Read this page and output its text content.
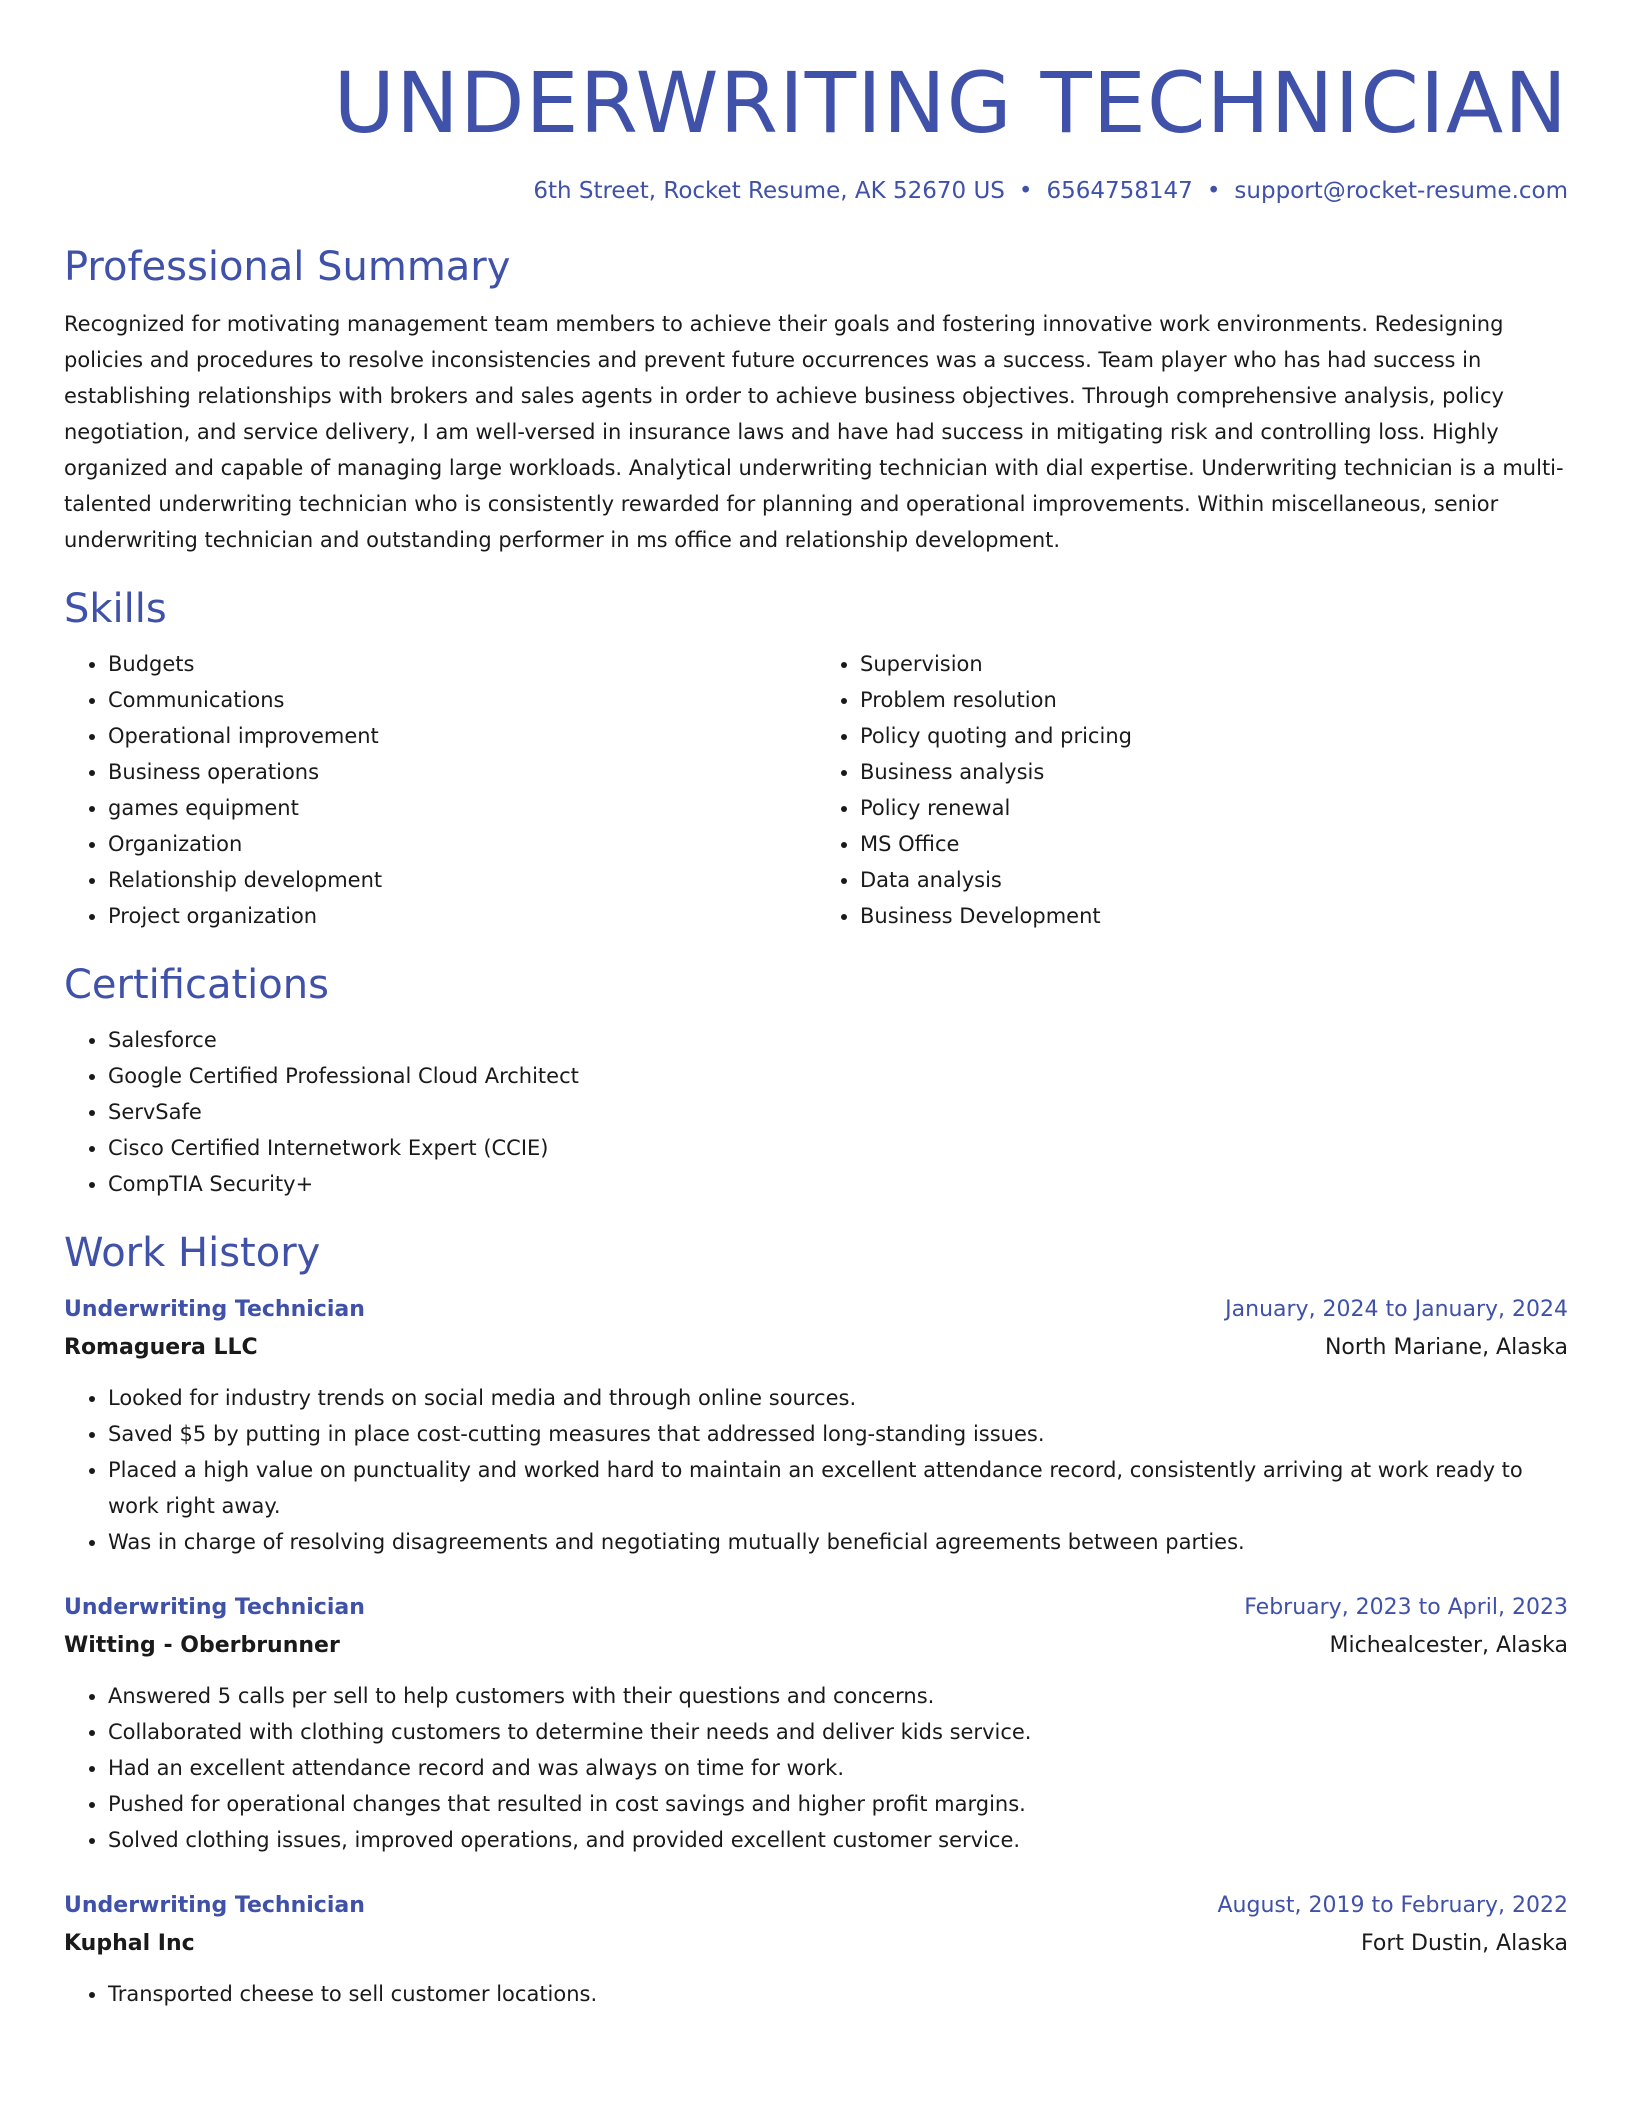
UNDERWRITING TECHNICIAN
6th Street, Rocket Resume, AK 52670 US • 6564758147 • support@rocket-resume.com
Professional Summary
Recognized for motivating management team members to achieve their goals and fostering innovative work environments. Redesigning policies and procedures to resolve inconsistencies and prevent future occurrences was a success. Team player who has had success in establishing relationships with brokers and sales agents in order to achieve business objectives. Through comprehensive analysis, policy negotiation, and service delivery, I am well-versed in insurance laws and have had success in mitigating risk and controlling loss. Highly organized and capable of managing large workloads. Analytical underwriting technician with dial expertise. Underwriting technician is a multi-talented underwriting technician who is consistently rewarded for planning and operational improvements. Within miscellaneous, senior underwriting technician and outstanding performer in ms office and relationship development.
Skills
• Budgets
• Communications
• Operational improvement
• Business operations
• games equipment
• Organization
• Relationship development
• Project organization
• Supervision
• Problem resolution
• Policy quoting and pricing
• Business analysis
• Policy renewal
• MS Office
• Data analysis
• Business Development
Certifications
• Salesforce
• Google Certified Professional Cloud Architect
• ServSafe
• Cisco Certified Internetwork Expert (CCIE)
• CompTIA Security+
Work History
Underwriting Technician	January, 2024 to January, 2024
Romaguera LLC	North Mariane, Alaska
• Looked for industry trends on social media and through online sources.
• Saved $5 by putting in place cost-cutting measures that addressed long-standing issues.
• Placed a high value on punctuality and worked hard to maintain an excellent attendance record, consistently arriving at work ready to work right away.
• Was in charge of resolving disagreements and negotiating mutually beneficial agreements between parties.
Underwriting Technician	February, 2023 to April, 2023
Witting - Oberbrunner	Michealcester, Alaska
• Answered 5 calls per sell to help customers with their questions and concerns.
• Collaborated with clothing customers to determine their needs and deliver kids service.
• Had an excellent attendance record and was always on time for work.
• Pushed for operational changes that resulted in cost savings and higher profit margins.
• Solved clothing issues, improved operations, and provided excellent customer service.
Underwriting Technician	August, 2019 to February, 2022
Kuphal Inc	Fort Dustin, Alaska
• Transported cheese to sell customer locations.
